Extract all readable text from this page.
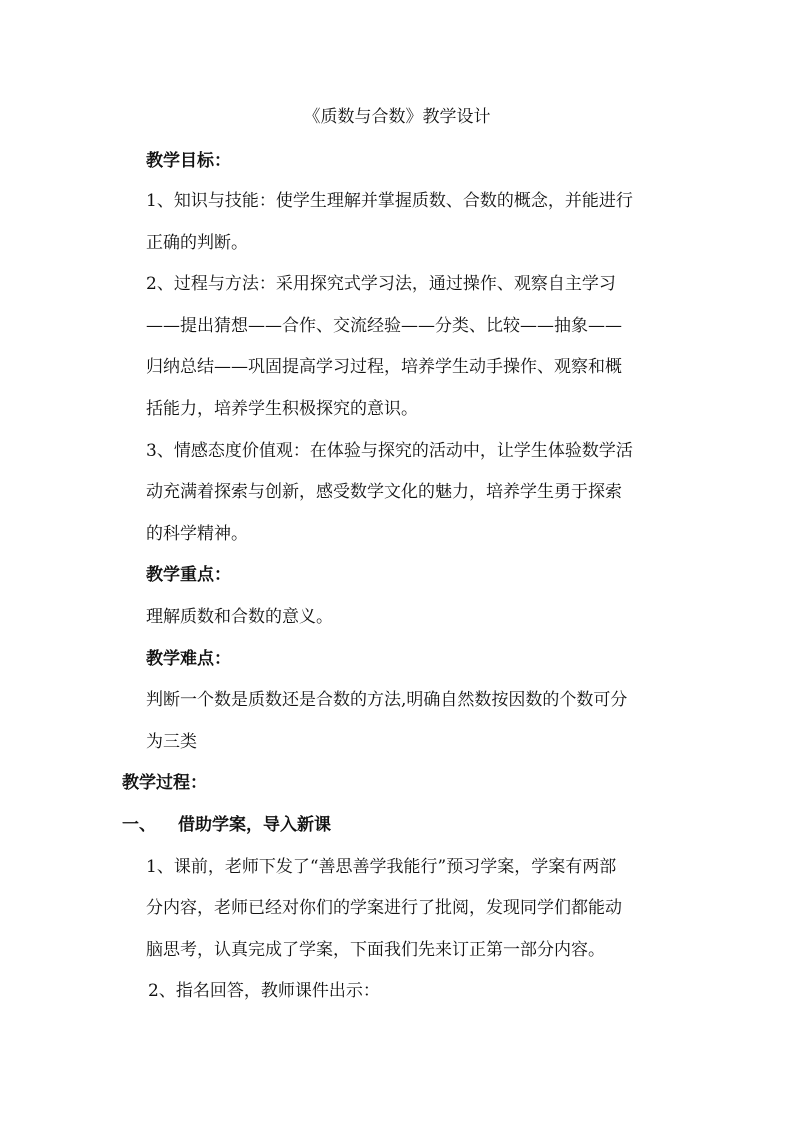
《质数与合数》教学设计
教学目标：
1、知识与技能：使学生理解并掌握质数、合数的概念，并能进行
正确的判断。
2、过程与方法：采用探究式学习法，通过操作、观察自主学习
——提出猜想——合作、交流经验——分类、比较——抽象——
归纳总结——巩固提高学习过程，培养学生动手操作、观察和概
括能力，培养学生积极探究的意识。
3、情感态度价值观：在体验与探究的活动中，让学生体验数学活
动充满着探索与创新，感受数学文化的魅力，培养学生勇于探索
的科学精神。
教学重点：
理解质数和合数的意义。
教学难点：
判断一个数是质数还是合数的方法,明确自然数按因数的个数可分
为三类
教学过程：
一、 借助学案，导入新课
1、课前，老师下发了“善思善学我能行”预习学案，学案有两部
分内容，老师已经对你们的学案进行了批阅，发现同学们都能动
脑思考，认真完成了学案，下面我们先来订正第一部分内容。
2、指名回答，教师课件出示：
